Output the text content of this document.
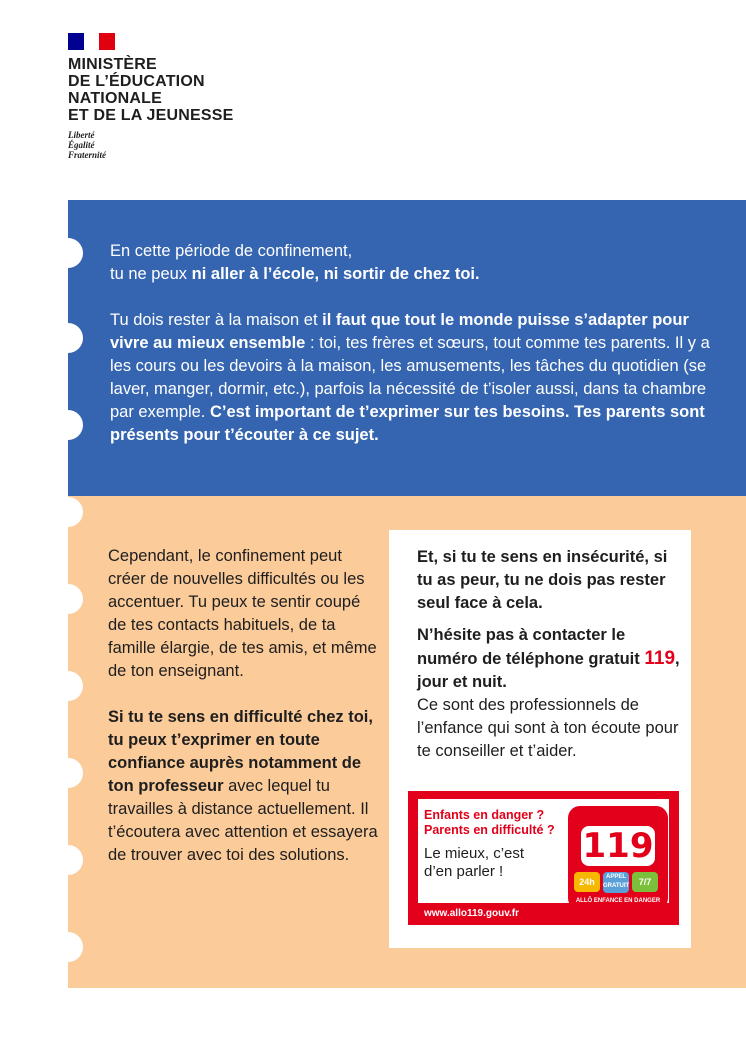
MINISTÈRE
DE L’ÉDUCATION
NATIONALE
ET DE LA JEUNESSE
Liberté
Égalité
Fraternité

En cette période de confinement,
tu ne peux ni aller à l’école, ni sortir de chez toi.

Tu dois rester à la maison et il faut que tout le monde puisse s’adapter pour vivre au mieux ensemble : toi, tes frères et sœurs, tout comme tes parents. Il y a les cours ou les devoirs à la maison, les amusements, les tâches du quotidien (se laver, manger, dormir, etc.), parfois la nécessité de t’isoler aussi, dans ta chambre par exemple. C’est important de t’exprimer sur tes besoins. Tes parents sont présents pour t’écouter à ce sujet.

Cependant, le confinement peut créer de nouvelles difficultés ou les accentuer. Tu peux te sentir coupé de tes contacts habituels, de ta famille élargie, de tes amis, et même de ton enseignant.

Si tu te sens en difficulté chez toi, tu peux t’exprimer en toute confiance auprès notamment de ton professeur avec lequel tu travailles à distance actuellement. Il t’écoutera avec attention et essayera de trouver avec toi des solutions.

Et, si tu te sens en insécurité, si tu as peur, tu ne dois pas rester seul face à cela.

N’hésite pas à contacter le numéro de téléphone gratuit 119, jour et nuit.
Ce sont des professionnels de l’enfance qui sont à ton écoute pour te conseiller et t’aider.

Enfants en danger ?
Parents en difficulté ?
Le mieux, c’est
d’en parler !
www.allo119.gouv.fr
119
24h	APPEL GRATUIT	7/7
ALLÔ ENFANCE EN DANGER
